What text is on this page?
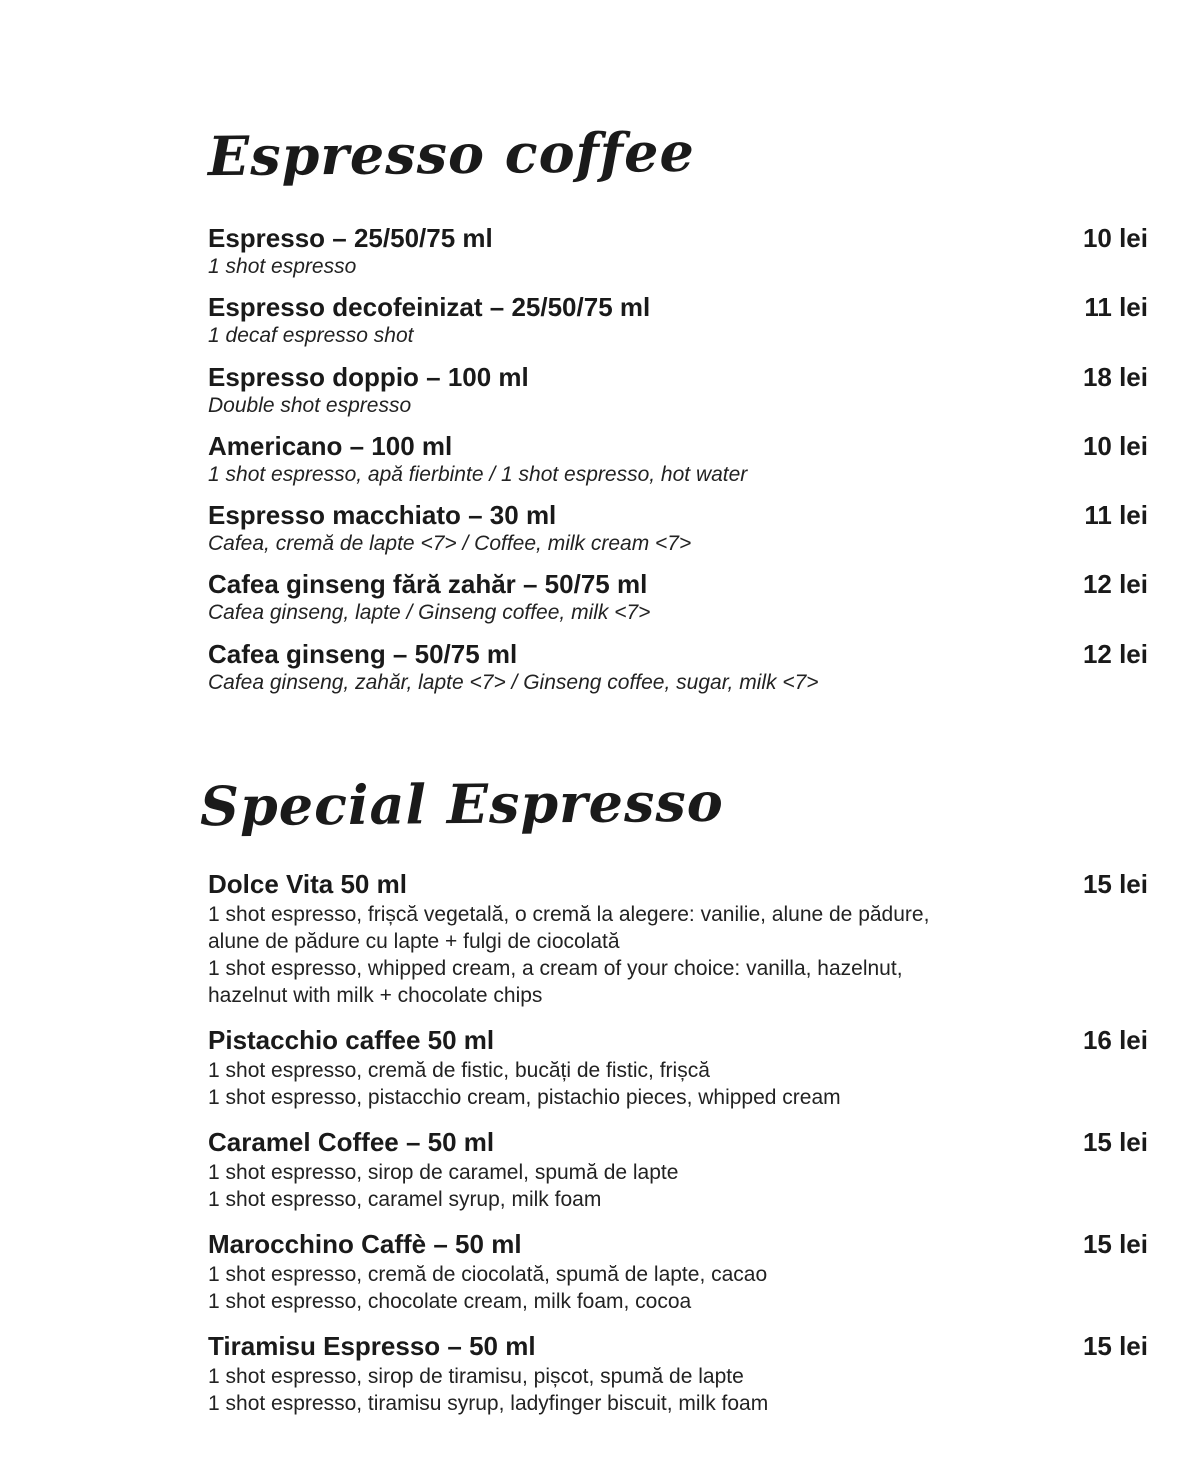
Espresso coffee
Espresso – 25/50/75 ml	10 lei
1 shot espresso
Espresso decofeinizat – 25/50/75 ml	11 lei
1 decaf espresso shot
Espresso doppio – 100 ml	18 lei
Double shot espresso
Americano – 100 ml	10 lei
1 shot espresso, apă fierbinte / 1 shot espresso, hot water
Espresso macchiato – 30 ml	11 lei
Cafea, cremă de lapte <7> / Coffee, milk cream <7>
Cafea ginseng fără zahăr – 50/75 ml	12 lei
Cafea ginseng, lapte / Ginseng coffee, milk <7>
Cafea ginseng – 50/75 ml	12 lei
Cafea ginseng, zahăr, lapte <7> / Ginseng coffee, sugar, milk <7>
Special Espresso
Dolce Vita 50 ml	15 lei
1 shot espresso, frișcă vegetală, o cremă la alegere: vanilie, alune de pădure,
alune de pădure cu lapte + fulgi de ciocolată
1 shot espresso, whipped cream, a cream of your choice: vanilla, hazelnut,
hazelnut with milk + chocolate chips
Pistacchio caffee 50 ml	16 lei
1 shot espresso, cremă de fistic, bucăți de fistic, frișcă
1 shot espresso, pistacchio cream, pistachio pieces, whipped cream
Caramel Coffee – 50 ml	15 lei
1 shot espresso, sirop de caramel, spumă de lapte
1 shot espresso, caramel syrup, milk foam
Marocchino Caffè – 50 ml	15 lei
1 shot espresso, cremă de ciocolată, spumă de lapte, cacao
1 shot espresso, chocolate cream, milk foam, cocoa
Tiramisu Espresso – 50 ml	15 lei
1 shot espresso, sirop de tiramisu, pișcot, spumă de lapte
1 shot espresso, tiramisu syrup, ladyfinger biscuit, milk foam
